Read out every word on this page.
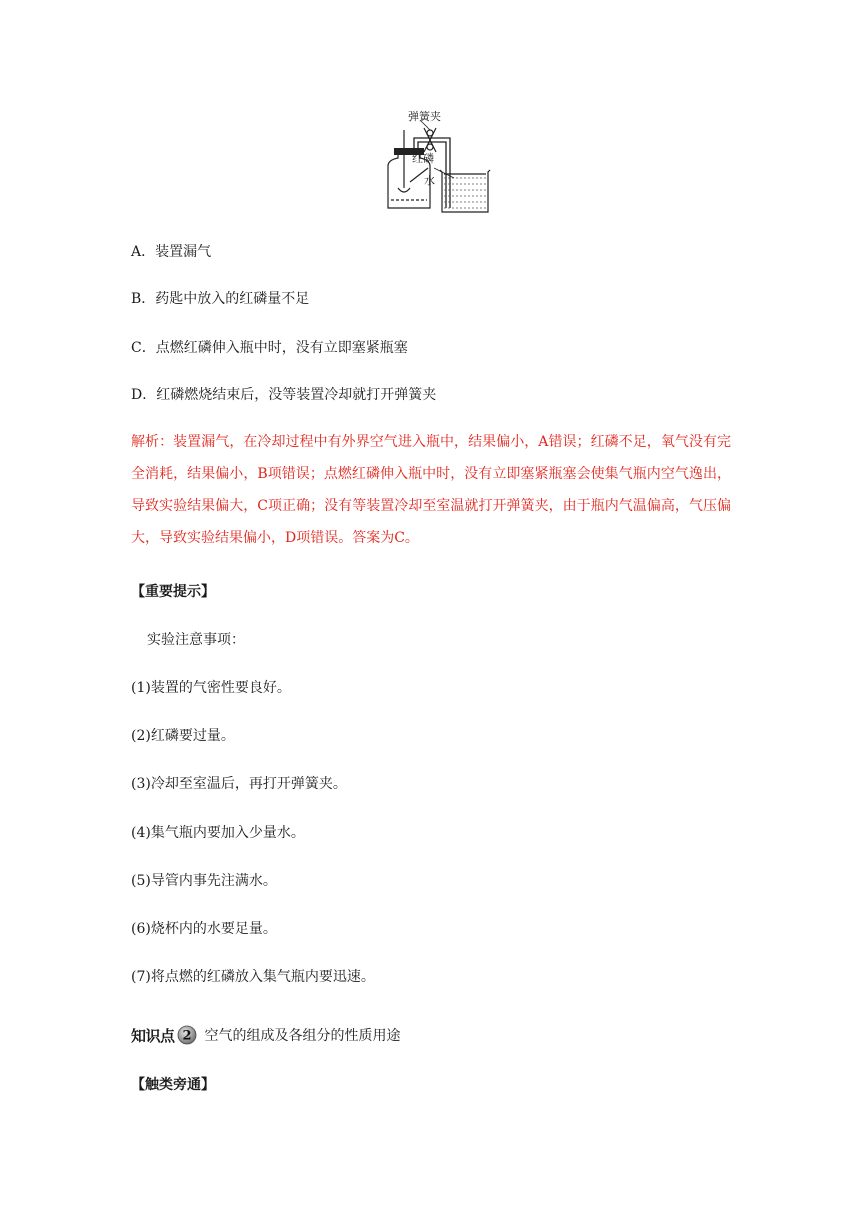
弹簧夹
红磷
水
A．装置漏气
B．药匙中放入的红磷量不足
C．点燃红磷伸入瓶中时，没有立即塞紧瓶塞
D．红磷燃烧结束后，没等装置冷却就打开弹簧夹
解析：装置漏气，在冷却过程中有外界空气进入瓶中，结果偏小，A错误；红磷不足，氧气没有完全消耗，结果偏小，B项错误；点燃红磷伸入瓶中时，没有立即塞紧瓶塞会使集气瓶内空气逸出，导致实验结果偏大，C项正确；没有等装置冷却至室温就打开弹簧夹，由于瓶内气温偏高，气压偏大，导致实验结果偏小，D项错误。答案为C。
【重要提示】
实验注意事项：
(1)装置的气密性要良好。
(2)红磷要过量。
(3)冷却至室温后，再打开弹簧夹。
(4)集气瓶内要加入少量水。
(5)导管内事先注满水。
(6)烧杯内的水要足量。
(7)将点燃的红磷放入集气瓶内要迅速。
知识点 2 空气的组成及各组分的性质用途
【触类旁通】
